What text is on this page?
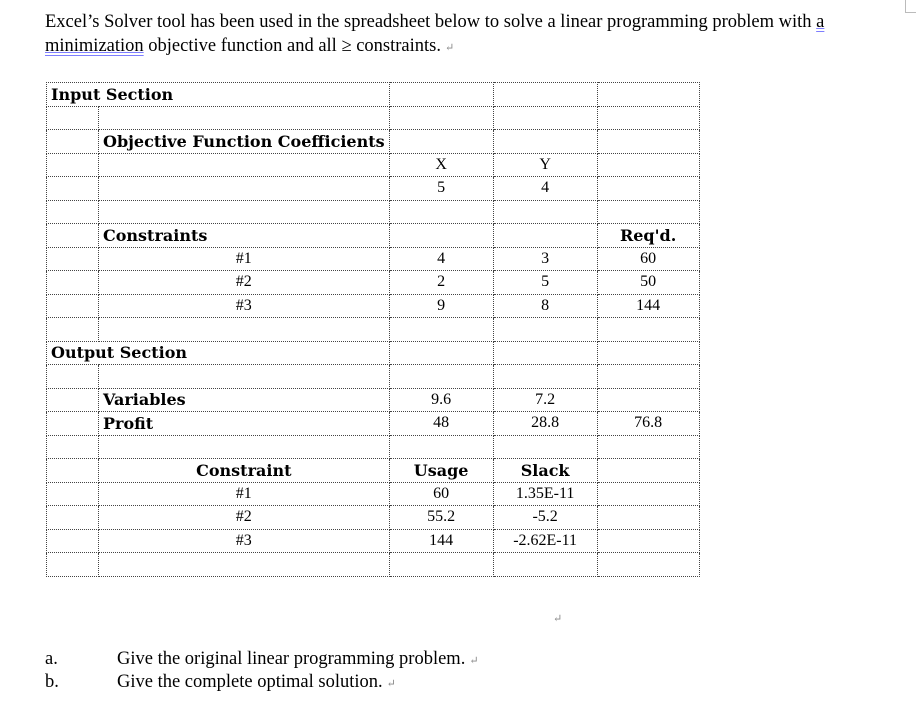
Excel’s Solver tool has been used in the spreadsheet below to solve a linear programming problem with a
minimization objective function and all ≥ constraints. ↵
Input Section				

	Objective Function Coefficients			
		X	Y	
		5	4	

	Constraints			Req'd.
	#1	4	3	60
	#2	2	5	50
	#3	9	8	144

Output Section				

	Variables	9.6	7.2	
	Profit	48	28.8	76.8

	Constraint	Usage	Slack	
	#1	60	1.35E-11	
	#2	55.2	-5.2	
	#3	144	-2.62E-11	

↵
a.	Give the original linear programming problem. ↵
b.	Give the complete optimal solution. ↵
